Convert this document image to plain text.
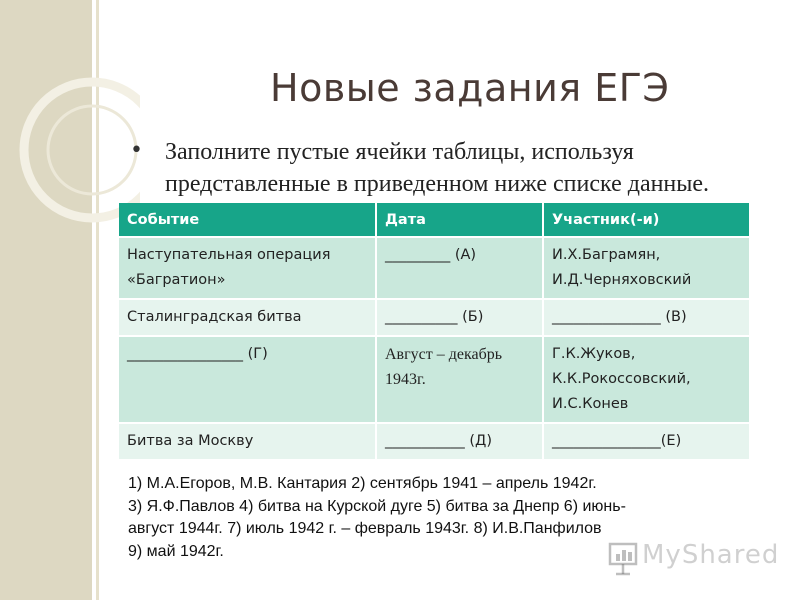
Новые задания ЕГЭ
• Заполните пустые ячейки таблицы, используя представленные в приведенном ниже списке данные.
Событие	Дата	Участник(-и)
Наступательная операция «Багратион»	_________ (А)	И.Х.Баграмян, И.Д.Черняховский
Сталинградская битва	__________ (Б)	_______________ (В)
________________ (Г)	Август – декабрь 1943г.	Г.К.Жуков, К.К.Рокоссовский, И.С.Конев
Битва за Москву	___________ (Д)	_______________(Е)
1) М.А.Егоров, М.В. Кантария 2) сентябрь 1941 – апрель 1942г.
3) Я.Ф.Павлов 4) битва на Курской дуге 5) битва за Днепр 6) июнь-
август 1944г. 7) июль 1942 г. – февраль 1943г. 8) И.В.Панфилов
9) май 1942г.	MyShared
